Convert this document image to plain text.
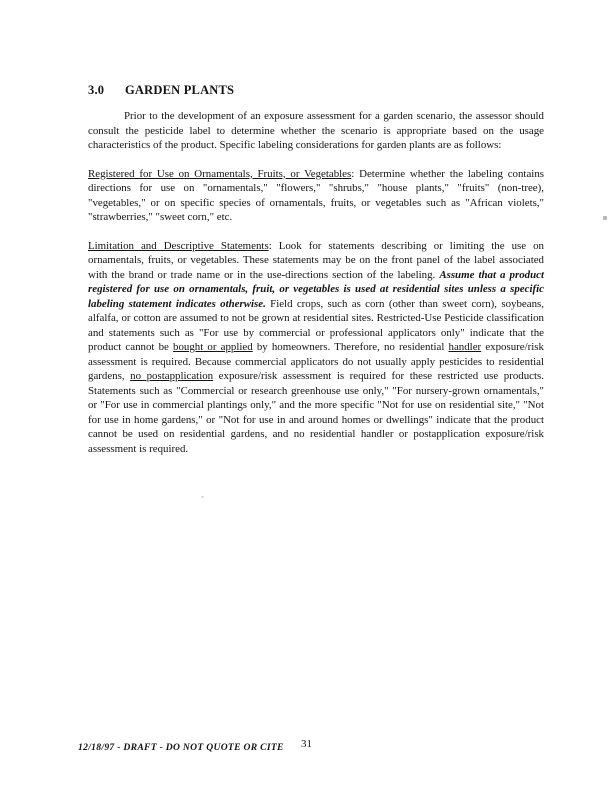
3.0 GARDEN PLANTS

Prior to the development of an exposure assessment for a garden scenario, the assessor should consult the pesticide label to determine whether the scenario is appropriate based on the usage characteristics of the product. Specific labeling considerations for garden plants are as follows:

Registered for Use on Ornamentals, Fruits, or Vegetables: Determine whether the labeling contains directions for use on "ornamentals," "flowers," "shrubs," "house plants," "fruits" (non-tree), "vegetables," or on specific species of ornamentals, fruits, or vegetables such as "African violets," "strawberries," "sweet corn," etc.

Limitation and Descriptive Statements: Look for statements describing or limiting the use on ornamentals, fruits, or vegetables. These statements may be on the front panel of the label associated with the brand or trade name or in the use-directions section of the labeling. Assume that a product registered for use on ornamentals, fruit, or vegetables is used at residential sites unless a specific labeling statement indicates otherwise. Field crops, such as corn (other than sweet corn), soybeans, alfalfa, or cotton are assumed to not be grown at residential sites. Restricted-Use Pesticide classification and statements such as "For use by commercial or professional applicators only" indicate that the product cannot be bought or applied by homeowners. Therefore, no residential handler exposure/risk assessment is required. Because commercial applicators do not usually apply pesticides to residential gardens, no postapplication exposure/risk assessment is required for these restricted use products. Statements such as "Commercial or research greenhouse use only," "For nursery-grown ornamentals," or "For use in commercial plantings only," and the more specific "Not for use on residential site," "Not for use in home gardens," or "Not for use in and around homes or dwellings" indicate that the product cannot be used on residential gardens, and no residential handler or postapplication exposure/risk assessment is required.

12/18/97 - DRAFT - DO NOT QUOTE OR CITE 31
